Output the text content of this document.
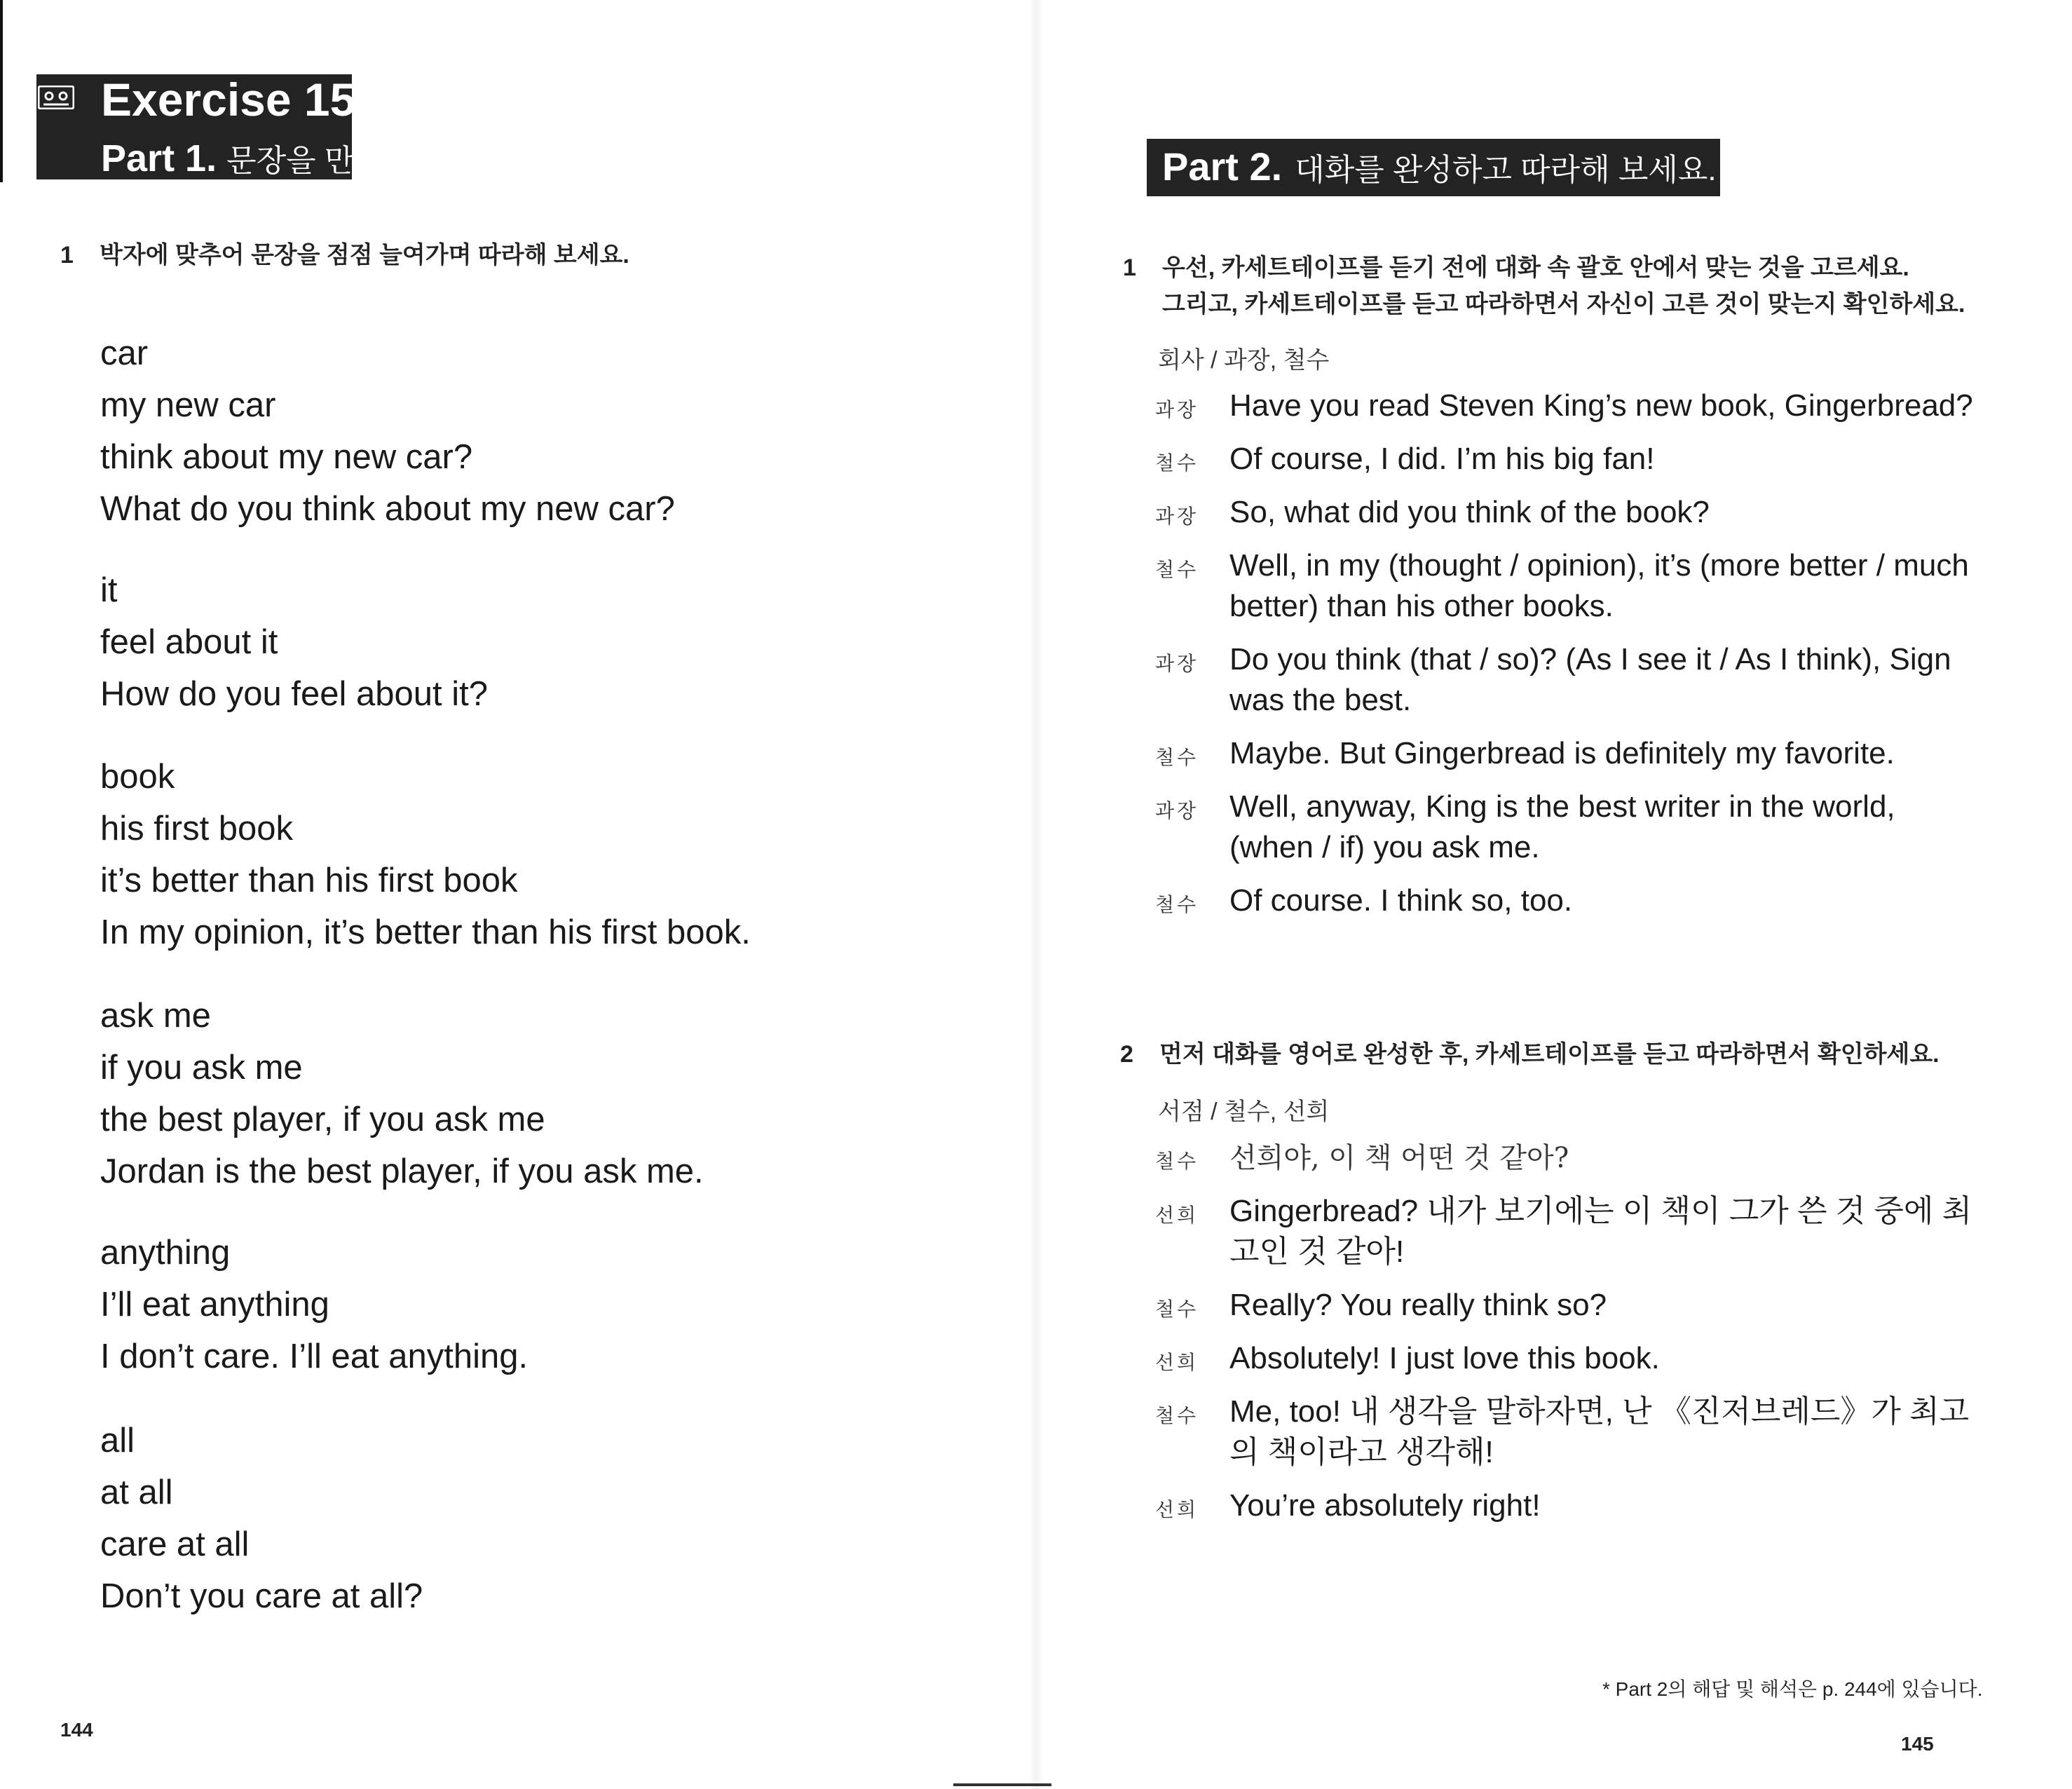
Exercise 15
Part 1. 문장을 만들어 보세요.
1 박자에 맞추어 문장을 점점 늘여가며 따라해 보세요.
car
my new car
think about my new car?
What do you think about my new car?
it
feel about it
How do you feel about it?
book
his first book
it’s better than his first book
In my opinion, it’s better than his first book.
ask me
if you ask me
the best player, if you ask me
Jordan is the best player, if you ask me.
anything
I’ll eat anything
I don’t care. I’ll eat anything.
all
at all
care at all
Don’t you care at all?
Part 2. 대화를 완성하고 따라해 보세요.
1 우선, 카세트테이프를 듣기 전에 대화 속 괄호 안에서 맞는 것을 고르세요.
그리고, 카세트테이프를 듣고 따라하면서 자신이 고른 것이 맞는지 확인하세요.
회사 / 과장, 철수
과장 Have you read Steven King’s new book, Gingerbread?
철수 Of course, I did. I’m his big fan!
과장 So, what did you think of the book?
철수 Well, in my (thought / opinion), it’s (more better / much better) than his other books.
과장 Do you think (that / so)? (As I see it / As I think), Sign was the best.
철수 Maybe. But Gingerbread is definitely my favorite.
과장 Well, anyway, King is the best writer in the world, (when / if) you ask me.
철수 Of course. I think so, too.
2 먼저 대화를 영어로 완성한 후, 카세트테이프를 듣고 따라하면서 확인하세요.
서점 / 철수, 선희
철수 선희야, 이 책 어떤 것 같아?
선희 Gingerbread? 내가 보기에는 이 책이 그가 쓴 것 중에 최고인 것 같아!
철수 Really? You really think so?
선희 Absolutely! I just love this book.
철수 Me, too! 내 생각을 말하자면, 난 《진저브레드》가 최고의 책이라고 생각해!
선희 You’re absolutely right!
* Part 2의 해답 및 해석은 p. 244에 있습니다.
144
145
